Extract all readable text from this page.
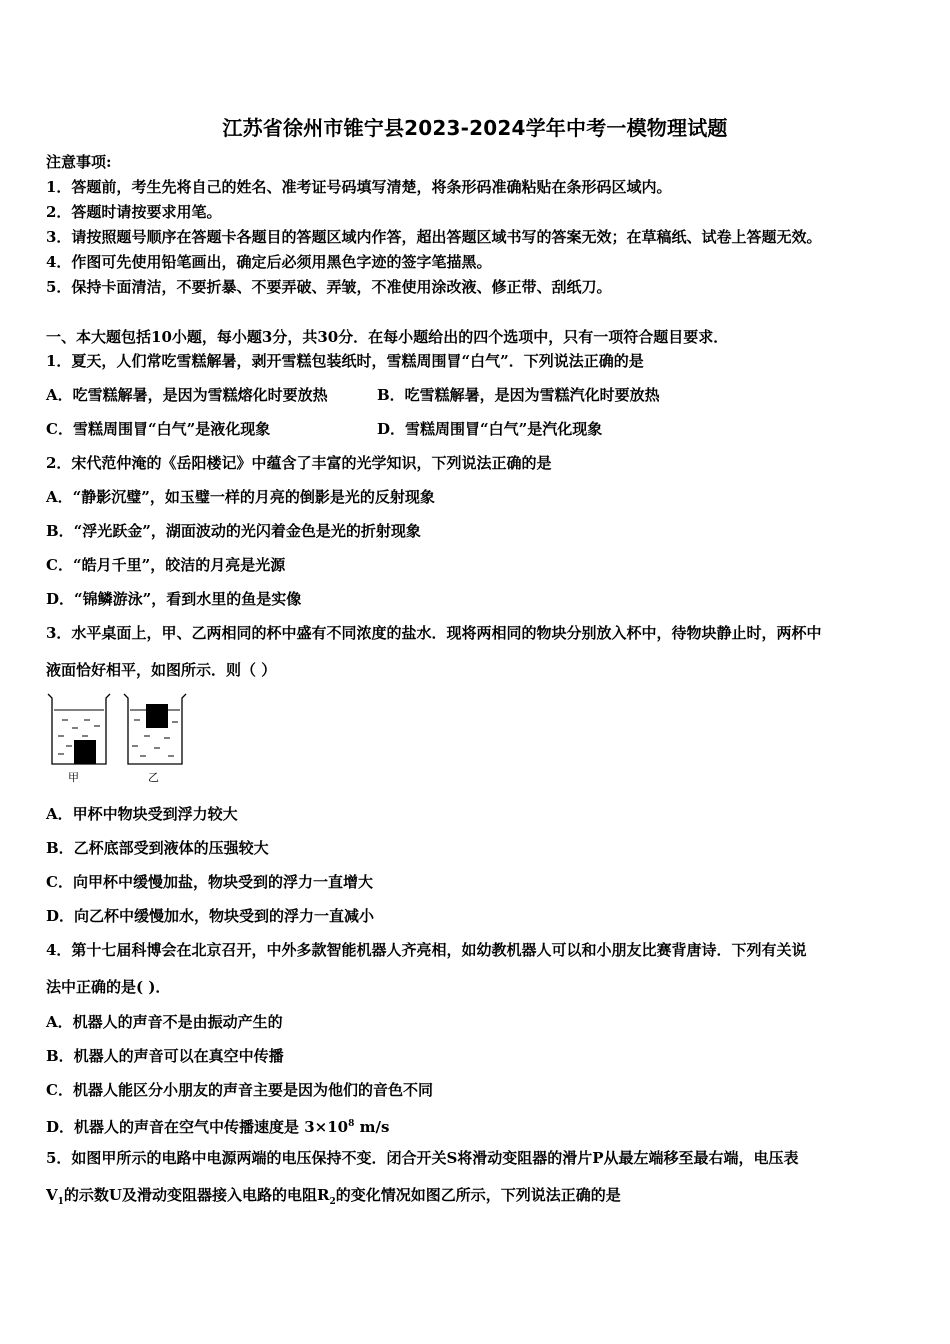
江苏省徐州市锥宁县2023-2024学年中考一模物理试题
注意事项:
1．答题前，考生先将自己的姓名、准考证号码填写清楚，将条形码准确粘贴在条形码区域内。
2．答题时请按要求用笔。
3．请按照题号顺序在答题卡各题目的答题区域内作答，超出答题区域书写的答案无效；在草稿纸、试卷上答题无效。
4．作图可先使用铅笔画出，确定后必须用黑色字迹的签字笔描黑。
5．保持卡面清洁，不要折暴、不要弄破、弄皱，不准使用涂改液、修正带、刮纸刀。
一、本大题包括10小题，每小题3分，共30分．在每小题给出的四个选项中，只有一项符合题目要求．
1．夏天，人们常吃雪糕解暑，剥开雪糕包装纸时，雪糕周围冒“白气”．下列说法正确的是
A．吃雪糕解暑，是因为雪糕熔化时要放热	B．吃雪糕解暑，是因为雪糕汽化时要放热
C．雪糕周围冒“白气”是液化现象	D．雪糕周围冒“白气”是汽化现象
2．宋代范仲淹的《岳阳楼记》中蕴含了丰富的光学知识，下列说法正确的是
A．“静影沉璧”，如玉璧一样的月亮的倒影是光的反射现象
B．“浮光跃金”，湖面波动的光闪着金色是光的折射现象
C．“皓月千里”，皎洁的月亮是光源
D．“锦鳞游泳”，看到水里的鱼是实像
3．水平桌面上，甲、乙两相同的杯中盛有不同浓度的盐水．现将两相同的物块分别放入杯中，待物块静止时，两杯中
液面恰好相平，如图所示．则（ ）
甲	乙
A．甲杯中物块受到浮力较大
B．乙杯底部受到液体的压强较大
C．向甲杯中缓慢加盐，物块受到的浮力一直增大
D．向乙杯中缓慢加水，物块受到的浮力一直减小
4．第十七届科博会在北京召开，中外多款智能机器人齐亮相，如幼教机器人可以和小朋友比赛背唐诗．下列有关说
法中正确的是( )．
A．机器人的声音不是由振动产生的
B．机器人的声音可以在真空中传播
C．机器人能区分小朋友的声音主要是因为他们的音色不同
D．机器人的声音在空气中传播速度是 $3\times 10^8$ m/s
5．如图甲所示的电路中电源两端的电压保持不变．闭合开关S将滑动变阻器的滑片P从最左端移至最右端，电压表
$V_1$的示数U及滑动变阻器接入电路的电阻$R_2$的变化情况如图乙所示，下列说法正确的是
